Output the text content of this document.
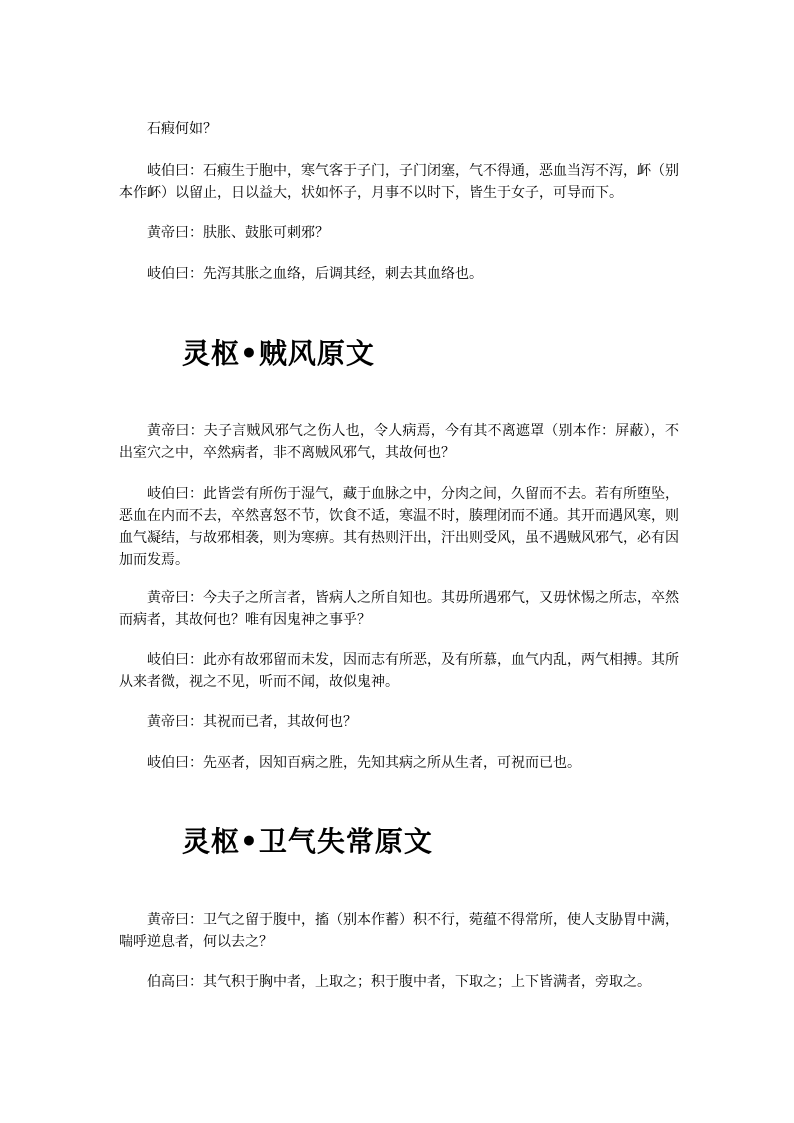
石瘕何如？

岐伯曰：石瘕生于胞中，寒气客于子门，子门闭塞，气不得通，恶血当泻不泻，衃（别本作衃）以留止，日以益大，状如怀子，月事不以时下，皆生于女子，可导而下。

黄帝曰：肤胀、鼓胀可刺邪？

岐伯曰：先泻其胀之血络，后调其经，刺去其血络也。

灵枢•贼风原文

黄帝曰：夫子言贼风邪气之伤人也，令人病焉，今有其不离遮罩（别本作：屏蔽），不出室穴之中，卒然病者，非不离贼风邪气，其故何也？

岐伯曰：此皆尝有所伤于湿气，藏于血脉之中，分肉之间，久留而不去。若有所堕坠，恶血在内而不去，卒然喜怒不节，饮食不适，寒温不时，腠理闭而不通。其开而遇风寒，则血气凝结，与故邪相袭，则为寒痹。其有热则汗出，汗出则受风，虽不遇贼风邪气，必有因加而发焉。

黄帝曰：今夫子之所言者，皆病人之所自知也。其毋所遇邪气，又毋怵惕之所志，卒然而病者，其故何也？唯有因鬼神之事乎？

岐伯曰：此亦有故邪留而未发，因而志有所恶，及有所慕，血气内乱，两气相搏。其所从来者微，视之不见，听而不闻，故似鬼神。

黄帝曰：其祝而已者，其故何也？

岐伯曰：先巫者，因知百病之胜，先知其病之所从生者，可祝而已也。

灵枢•卫气失常原文

黄帝曰：卫气之留于腹中，搐（别本作蓄）积不行，菀蕴不得常所，使人支胁胃中满，喘呼逆息者，何以去之？

伯高曰：其气积于胸中者，上取之；积于腹中者，下取之；上下皆满者，旁取之。
